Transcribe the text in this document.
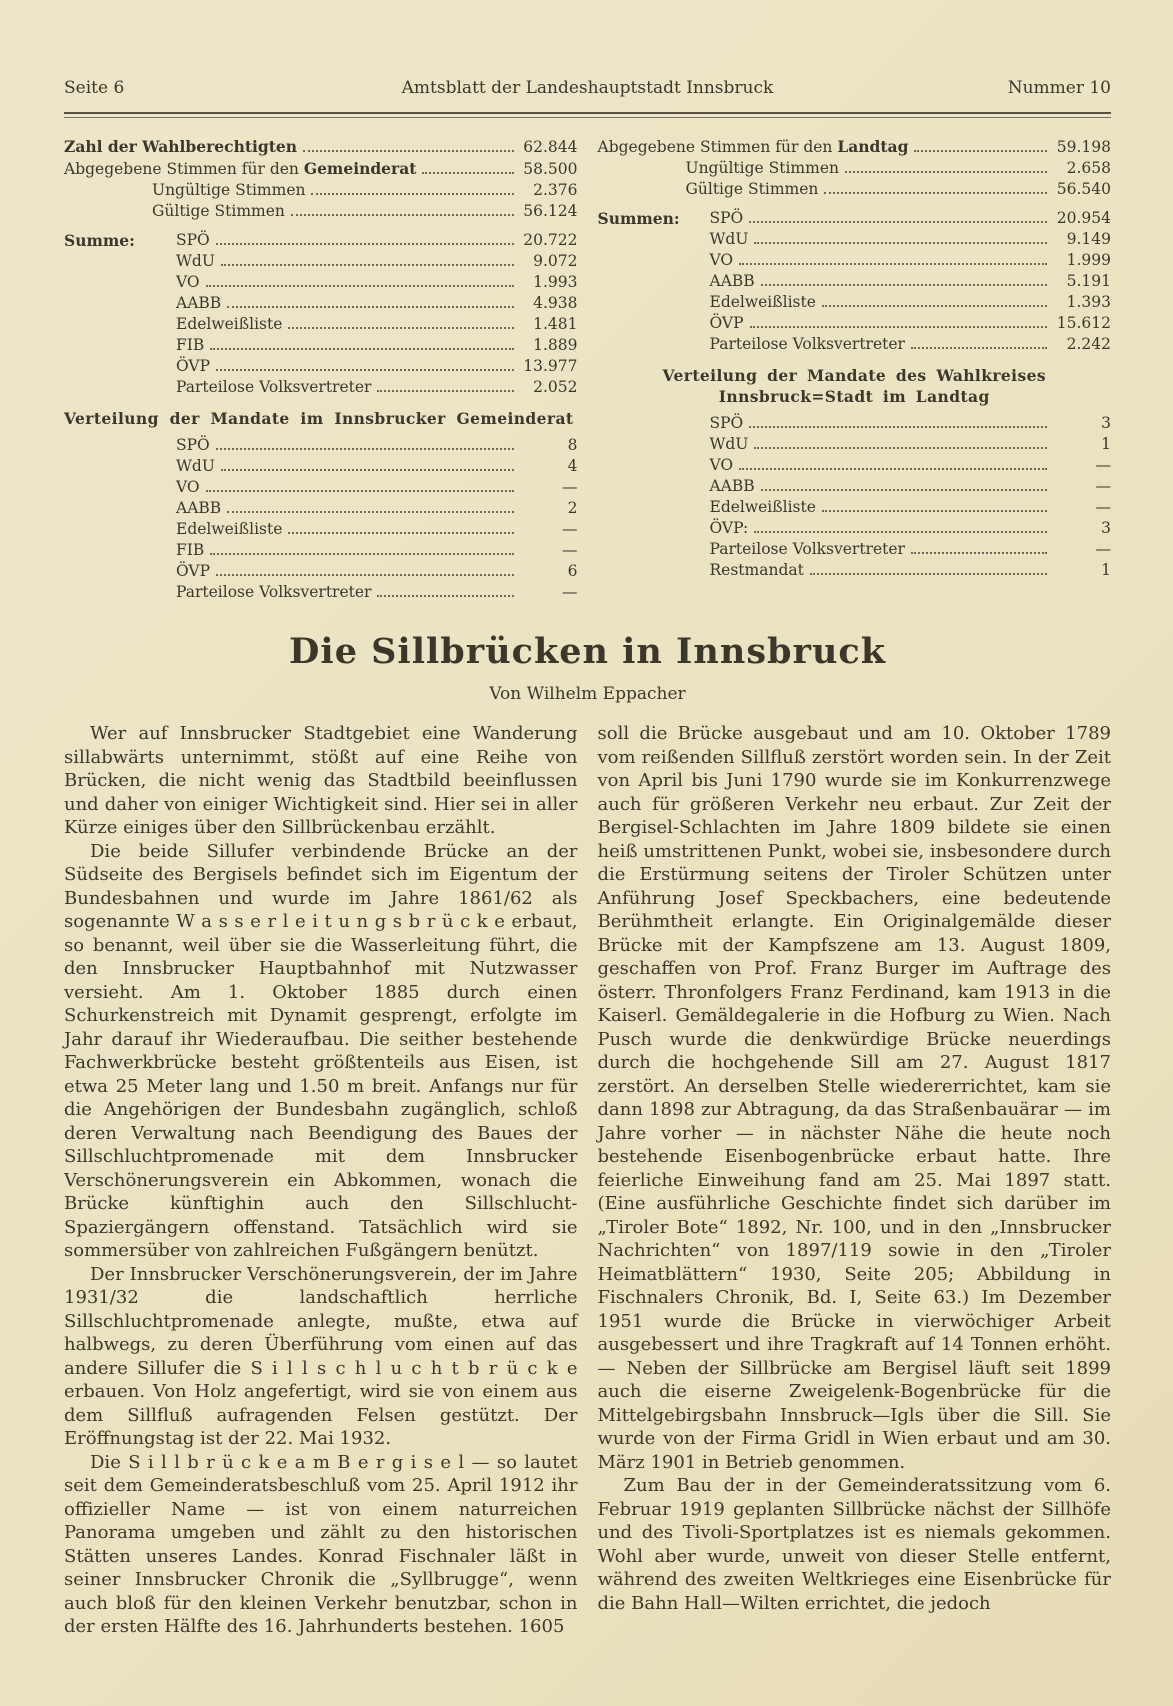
Seite 6	Amtsblatt der Landeshauptstadt Innsbruck	Nummer 10
Zahl der Wahlberechtigten	62.844
Abgegebene Stimmen für den Gemeinderat	58.500
Ungültige Stimmen	2.376
Gültige Stimmen	56.124
Summe:	SPÖ	20.722
WdU	9.072
VO	1.993
AABB	4.938
Edelweißliste	1.481
FIB	1.889
ÖVP	13.977
Parteilose Volksvertreter	2.052
Verteilung der Mandate im Innsbrucker Gemeinderat
SPÖ	8
WdU	4
VO	—
AABB	2
Edelweißliste	—
FIB	—
ÖVP	6
Parteilose Volksvertreter	—
Abgegebene Stimmen für den Landtag	59.198
Ungültige Stimmen	2.658
Gültige Stimmen	56.540
Summen: SPÖ	20.954
WdU	9.149
VO	1.999
AABB	5.191
Edelweißliste	1.393
ÖVP	15.612
Parteilose Volksvertreter	2.242
Verteilung der Mandate des Wahlkreises
Innsbruck=Stadt im Landtag
SPÖ	3
WdU	1
VO	—
AABB	—
Edelweißliste	—
ÖVP:	3
Parteilose Volksvertreter	—
Restmandat	1
Die Sillbrücken in Innsbruck
Von Wilhelm Eppacher

Wer auf Innsbrucker Stadtgebiet eine Wanderung sillabwärts unternimmt, stößt auf eine Reihe von Brücken, die nicht wenig das Stadtbild beeinflussen und daher von einiger Wichtigkeit sind. Hier sei in aller Kürze einiges über den Sillbrückenbau erzählt.

Die beide Sillufer verbindende Brücke an der Südseite des Bergisels befindet sich im Eigentum der Bundesbahnen und wurde im Jahre 1861/62 als sogenannte W a s s e r l e i t u n g s b r ü c k e erbaut, so benannt, weil über sie die Wasserleitung führt, die den Innsbrucker Hauptbahnhof mit Nutzwasser versieht. Am 1. Oktober 1885 durch einen Schurkenstreich mit Dynamit gesprengt, erfolgte im Jahr darauf ihr Wiederaufbau. Die seither bestehende Fachwerkbrücke besteht größtenteils aus Eisen, ist etwa 25 Meter lang und 1.50 m breit. Anfangs nur für die Angehörigen der Bundesbahn zugänglich, schloß deren Verwaltung nach Beendigung des Baues der Sillschluchtpromenade mit dem Innsbrucker Verschönerungsverein ein Abkommen, wonach die Brücke künftighin auch den Sillschlucht-Spaziergängern offenstand. Tatsächlich wird sie sommersüber von zahlreichen Fußgängern benützt.

Der Innsbrucker Verschönerungsverein, der im Jahre 1931/32 die landschaftlich herrliche Sillschluchtpromenade anlegte, mußte, etwa auf halbwegs, zu deren Überführung vom einen auf das andere Sillufer die S i l l s c h l u c h t b r ü c k e erbauen. Von Holz angefertigt, wird sie von einem aus dem Sillfluß aufragenden Felsen gestützt. Der Eröffnungstag ist der 22. Mai 1932.

Die S i l l b r ü c k e a m B e r g i s e l — so lautet seit dem Gemeinderatsbeschluß vom 25. April 1912 ihr offizieller Name — ist von einem naturreichen Panorama umgeben und zählt zu den historischen Stätten unseres Landes. Konrad Fischnaler läßt in seiner Innsbrucker Chronik die „Syllbrugge“, wenn auch bloß für den kleinen Verkehr benutzbar, schon in der ersten Hälfte des 16. Jahrhunderts bestehen. 1605

soll die Brücke ausgebaut und am 10. Oktober 1789 vom reißenden Sillfluß zerstört worden sein. In der Zeit von April bis Juni 1790 wurde sie im Konkurrenzwege auch für größeren Verkehr neu erbaut. Zur Zeit der Bergisel-Schlachten im Jahre 1809 bildete sie einen heiß umstrittenen Punkt, wobei sie, insbesondere durch die Erstürmung seitens der Tiroler Schützen unter Anführung Josef Speckbachers, eine bedeutende Berühmtheit erlangte. Ein Originalgemälde dieser Brücke mit der Kampfszene am 13. August 1809, geschaffen von Prof. Franz Burger im Auftrage des österr. Thronfolgers Franz Ferdinand, kam 1913 in die Kaiserl. Gemäldegalerie in die Hofburg zu Wien. Nach Pusch wurde die denkwürdige Brücke neuerdings durch die hochgehende Sill am 27. August 1817 zerstört. An derselben Stelle wiedererrichtet, kam sie dann 1898 zur Abtragung, da das Straßenbauärar — im Jahre vorher — in nächster Nähe die heute noch bestehende Eisenbogenbrücke erbaut hatte. Ihre feierliche Einweihung fand am 25. Mai 1897 statt. (Eine ausführliche Geschichte findet sich darüber im „Tiroler Bote“ 1892, Nr. 100, und in den „Innsbrucker Nachrichten“ von 1897/119 sowie in den „Tiroler Heimatblättern“ 1930, Seite 205; Abbildung in Fischnalers Chronik, Bd. I, Seite 63.) Im Dezember 1951 wurde die Brücke in vierwöchiger Arbeit ausgebessert und ihre Tragkraft auf 14 Tonnen erhöht. — Neben der Sillbrücke am Bergisel läuft seit 1899 auch die eiserne Zweigelenk-Bogenbrücke für die Mittelgebirgsbahn Innsbruck—Igls über die Sill. Sie wurde von der Firma Gridl in Wien erbaut und am 30. März 1901 in Betrieb genommen.

Zum Bau der in der Gemeinderatssitzung vom 6. Februar 1919 geplanten Sillbrücke nächst der Sillhöfe und des Tivoli-Sportplatzes ist es niemals gekommen. Wohl aber wurde, unweit von dieser Stelle entfernt, während des zweiten Weltkrieges eine Eisenbrücke für die Bahn Hall—Wilten errichtet, die jedoch
